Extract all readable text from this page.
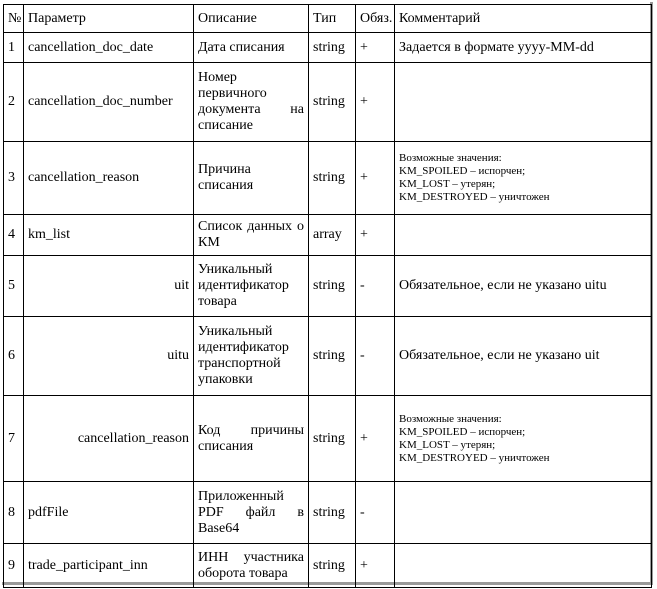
№	Параметр	Описание	Тип	Обяз.	Комментарий
1	cancellation_doc_date	Дата списания	string	+	Задается в формате yyyy-MM-dd
2	cancellation_doc_number	Номер первичного документа на списание	string	+	
3	cancellation_reason	Причина списания	string	+	Возможные значения:
KM_SPOILED – испорчен;
KM_LOST – утерян;
KM_DESTROYED – уничтожен

4	km_list	Список данных о КМ	array	+	
5	uit	Уникальный идентификатор товара	string	-	Обязательное, если не указано uitu
6	uitu	Уникальный идентификатор транспортной упаковки	string	-	Обязательное, если не указано uit
7	cancellation_reason	Код причины списания	string	+	Возможные значения:
KM_SPOILED – испорчен;
KM_LOST – утерян;
KM_DESTROYED – уничтожен

8	pdfFile	Приложенный PDF файл в Base64	string	-	
9	trade_participant_inn	ИНН участника оборота товара	string	+	
